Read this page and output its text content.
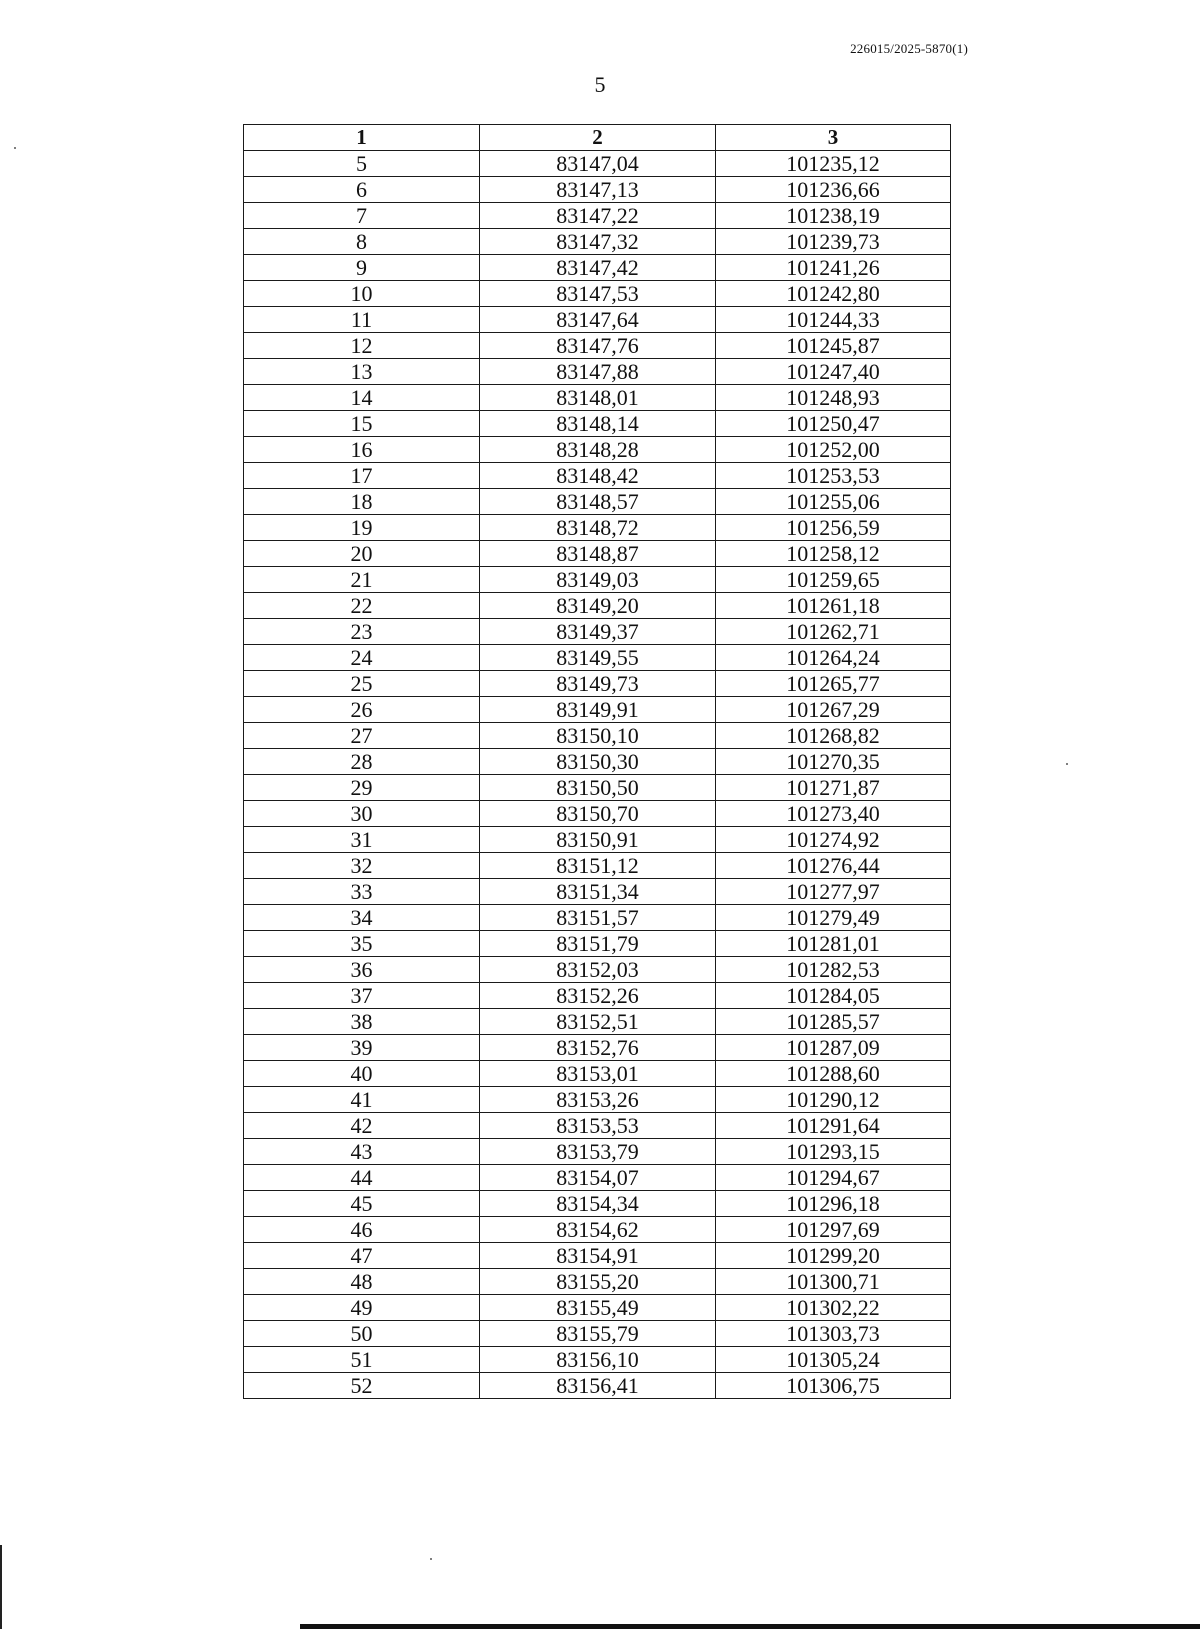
226015/2025-5870(1)
5
1	2	3
5	83147,04	101235,12
6	83147,13	101236,66
7	83147,22	101238,19
8	83147,32	101239,73
9	83147,42	101241,26
10	83147,53	101242,80
11	83147,64	101244,33
12	83147,76	101245,87
13	83147,88	101247,40
14	83148,01	101248,93
15	83148,14	101250,47
16	83148,28	101252,00
17	83148,42	101253,53
18	83148,57	101255,06
19	83148,72	101256,59
20	83148,87	101258,12
21	83149,03	101259,65
22	83149,20	101261,18
23	83149,37	101262,71
24	83149,55	101264,24
25	83149,73	101265,77
26	83149,91	101267,29
27	83150,10	101268,82
28	83150,30	101270,35
29	83150,50	101271,87
30	83150,70	101273,40
31	83150,91	101274,92
32	83151,12	101276,44
33	83151,34	101277,97
34	83151,57	101279,49
35	83151,79	101281,01
36	83152,03	101282,53
37	83152,26	101284,05
38	83152,51	101285,57
39	83152,76	101287,09
40	83153,01	101288,60
41	83153,26	101290,12
42	83153,53	101291,64
43	83153,79	101293,15
44	83154,07	101294,67
45	83154,34	101296,18
46	83154,62	101297,69
47	83154,91	101299,20
48	83155,20	101300,71
49	83155,49	101302,22
50	83155,79	101303,73
51	83156,10	101305,24
52	83156,41	101306,75
